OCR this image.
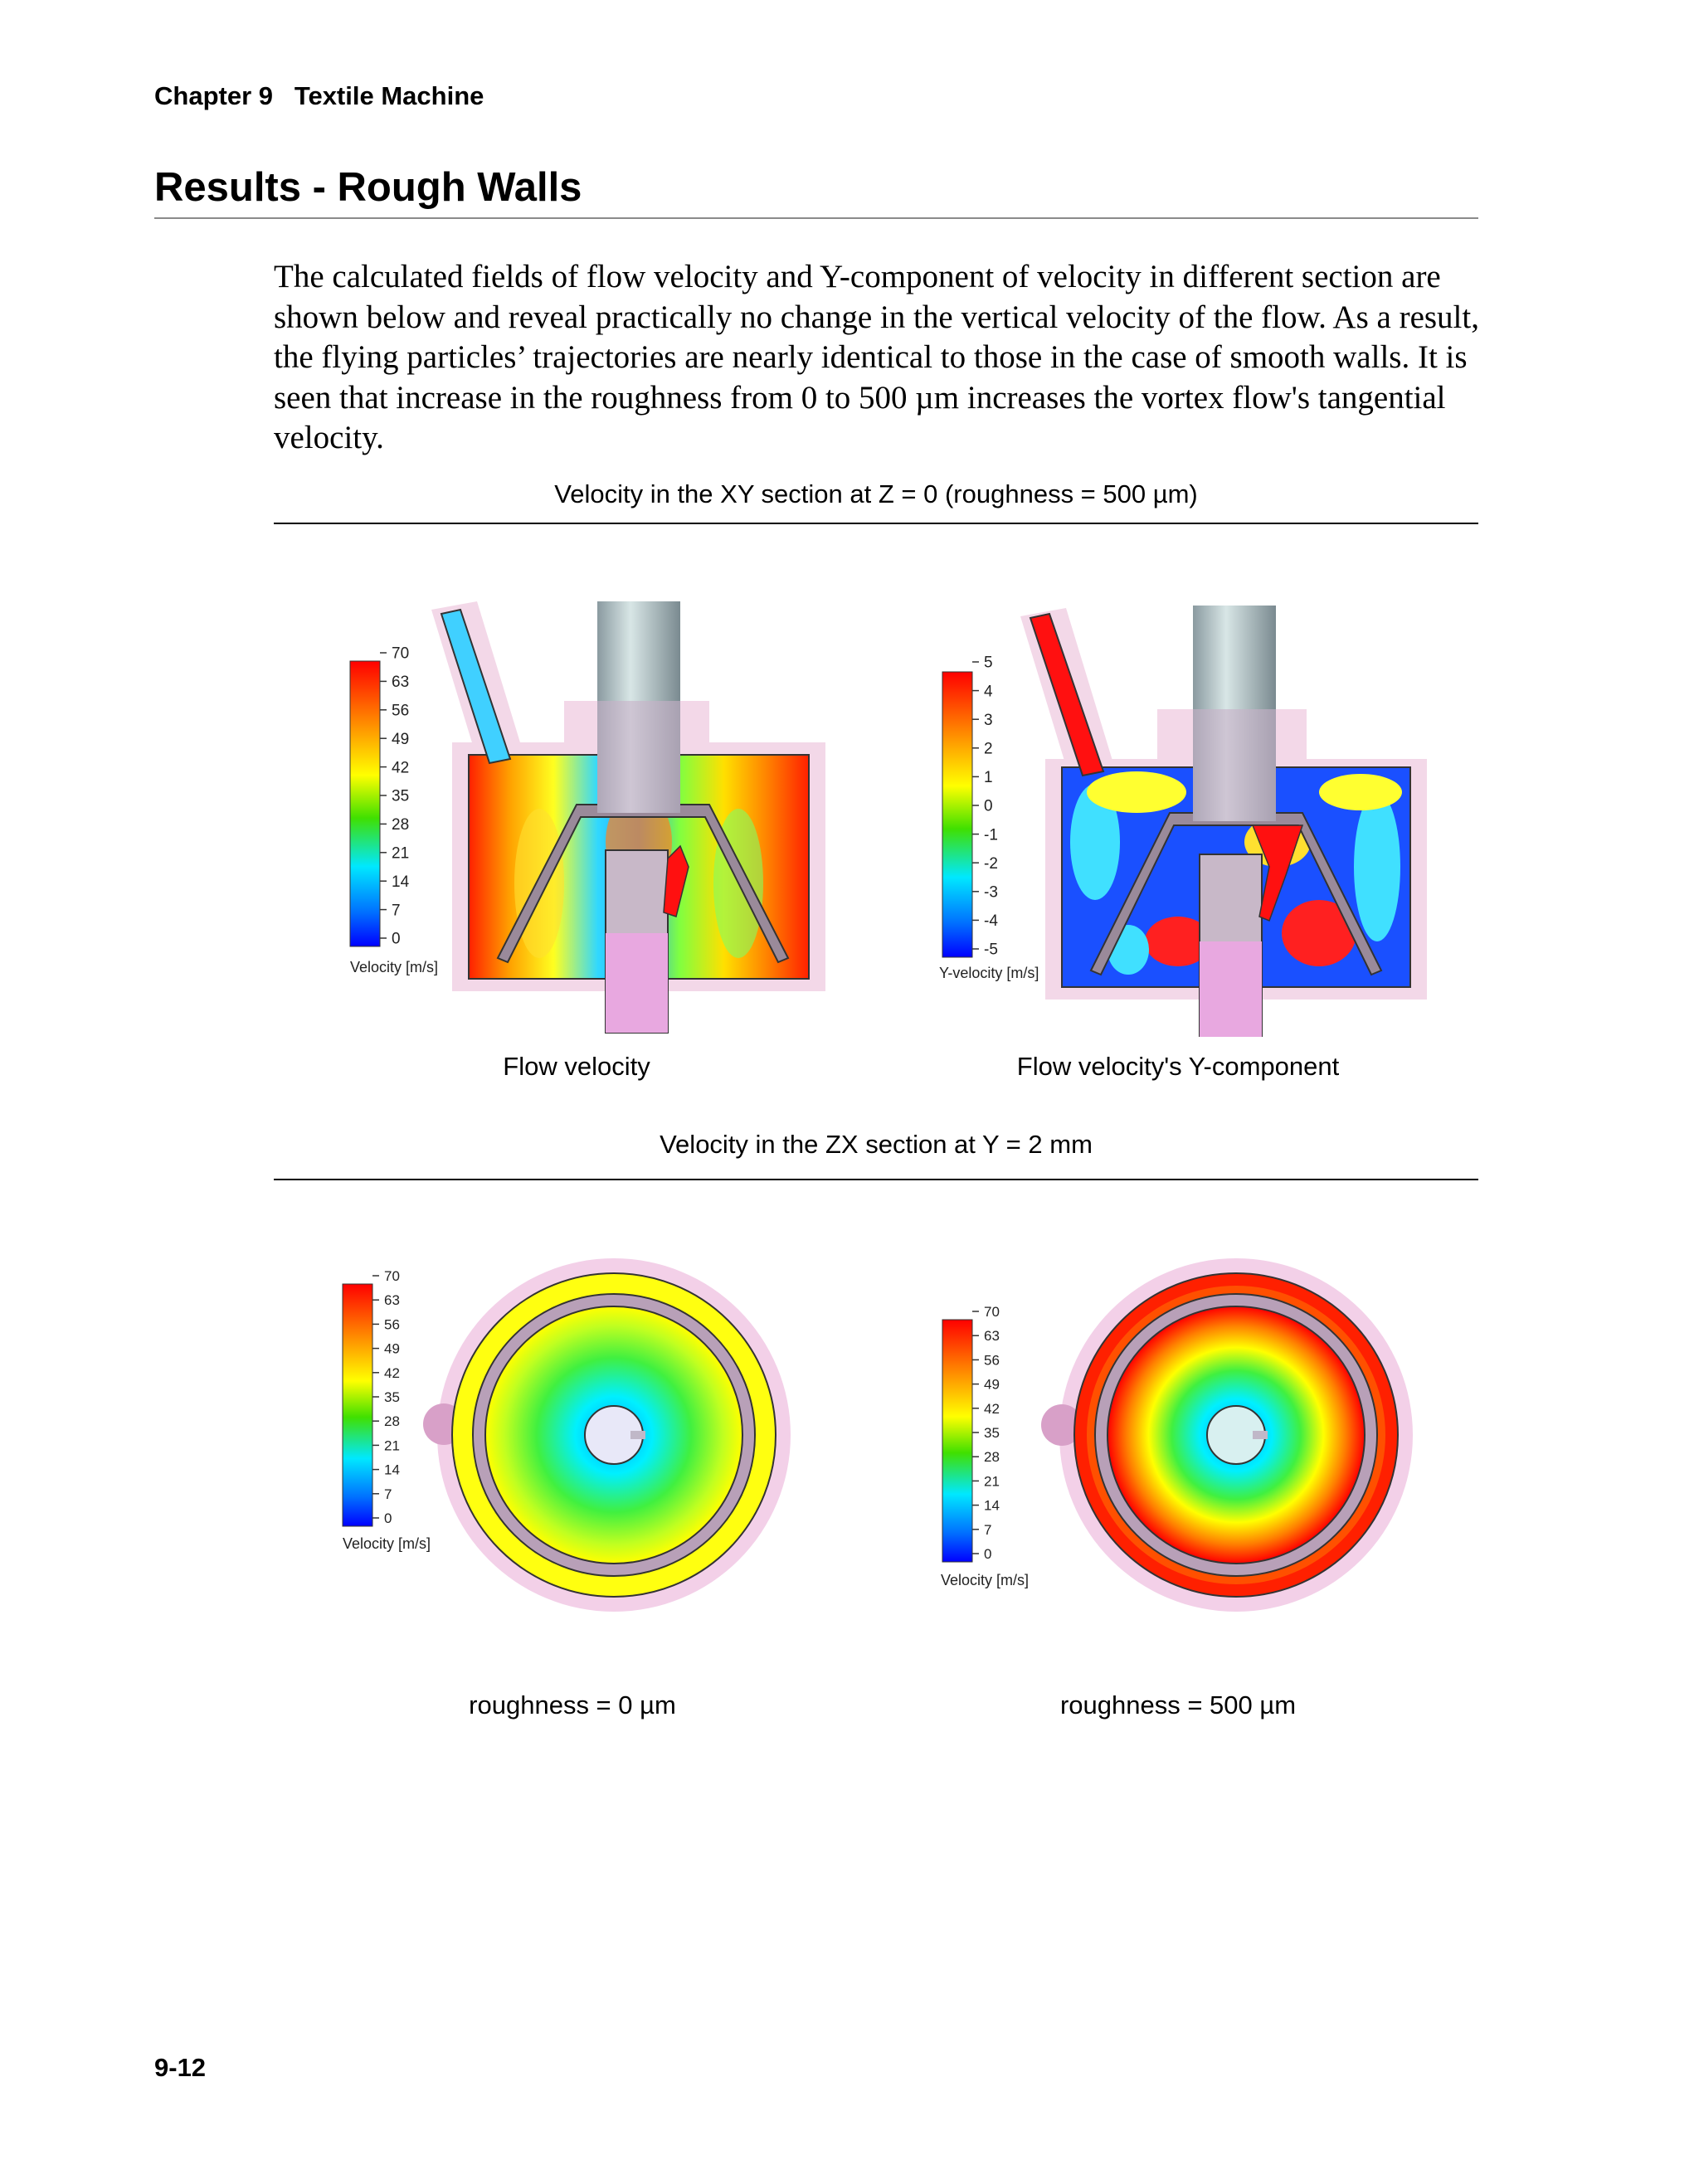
Chapter 9   Textile Machine
Results - Rough Walls
The calculated fields of flow velocity and Y-component of velocity in different section are shown below and reveal practically no change in the vertical velocity of the flow. As a result, the flying particles’ trajectories are nearly identical to those in the case of smooth walls. It is seen that increase in the roughness from 0 to 500 µm increases the vortex flow's tangential velocity.
Velocity in the XY section at Z = 0 (roughness = 500 µm)
70
63
56
49
42
35
28
21
14
7
0
Velocity [m/s]
5
4
3
2
1
0
-1
-2
-3
-4
-5
Y-velocity [m/s]
Flow velocity	Flow velocity's Y-component
Velocity in the ZX section at Y = 2 mm
70
63
56
49
42
35
28
21
14
7
0
Velocity [m/s]
70
63
56
49
42
35
28
21
14
7
0
Velocity [m/s]
roughness = 0 µm	roughness = 500 µm
9-12
